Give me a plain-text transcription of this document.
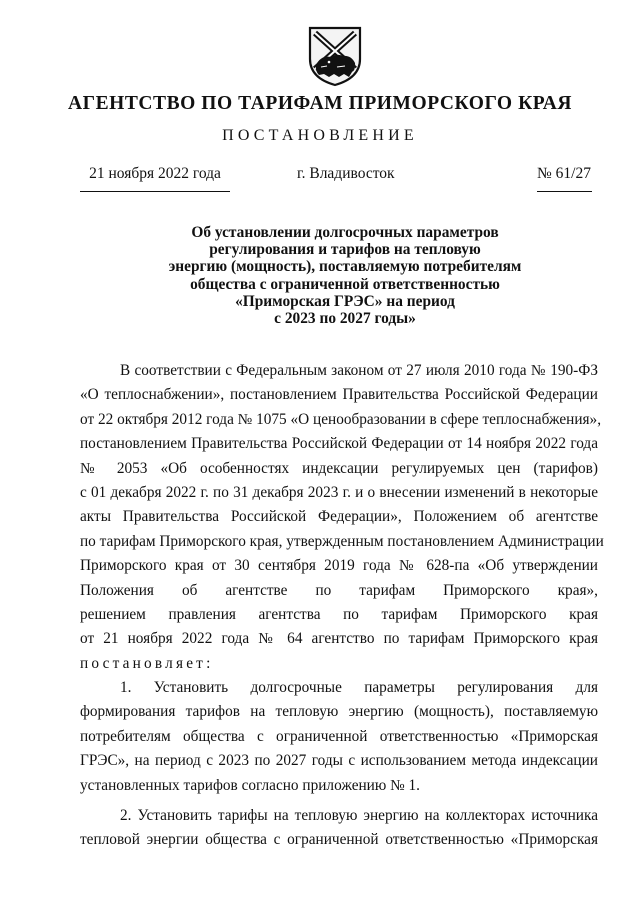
АГЕНТСТВО ПО ТАРИФАМ ПРИМОРСКОГО КРАЯ
ПОСТАНОВЛЕНИЕ
21 ноября 2022 года	г. Владивосток	№ 61/27
Об установлении долгосрочных параметров
регулирования и тарифов на тепловую
энергию (мощность), поставляемую потребителям
общества с ограниченной ответственностью
«Приморская ГРЭС» на период
с 2023 по 2027 годы»
В соответствии с Федеральным законом от 27 июля 2010 года № 190-ФЗ
«О теплоснабжении», постановлением Правительства Российской Федерации
от 22 октября 2012 года № 1075 «О ценообразовании в сфере теплоснабжения»,
постановлением Правительства Российской Федерации от 14 ноября 2022 года
№ 2053 «Об особенностях индексации регулируемых цен (тарифов)
с 01 декабря 2022 г. по 31 декабря 2023 г. и о внесении изменений в некоторые
акты Правительства Российской Федерации», Положением об агентстве
по тарифам Приморского края, утвержденным постановлением Администрации
Приморского края от 30 сентября 2019 года № 628-па «Об утверждении
Положения об агентстве по тарифам Приморского края»,
решением правления агентства по тарифам Приморского края
от 21 ноября 2022 года № 64 агентство по тарифам Приморского края
постановляет:
1. Установить долгосрочные параметры регулирования для
формирования тарифов на тепловую энергию (мощность), поставляемую
потребителям общества с ограниченной ответственностью «Приморская
ГРЭС», на период с 2023 по 2027 годы с использованием метода индексации
установленных тарифов согласно приложению № 1.
2. Установить тарифы на тепловую энергию на коллекторах источника
тепловой энергии общества с ограниченной ответственностью «Приморская
